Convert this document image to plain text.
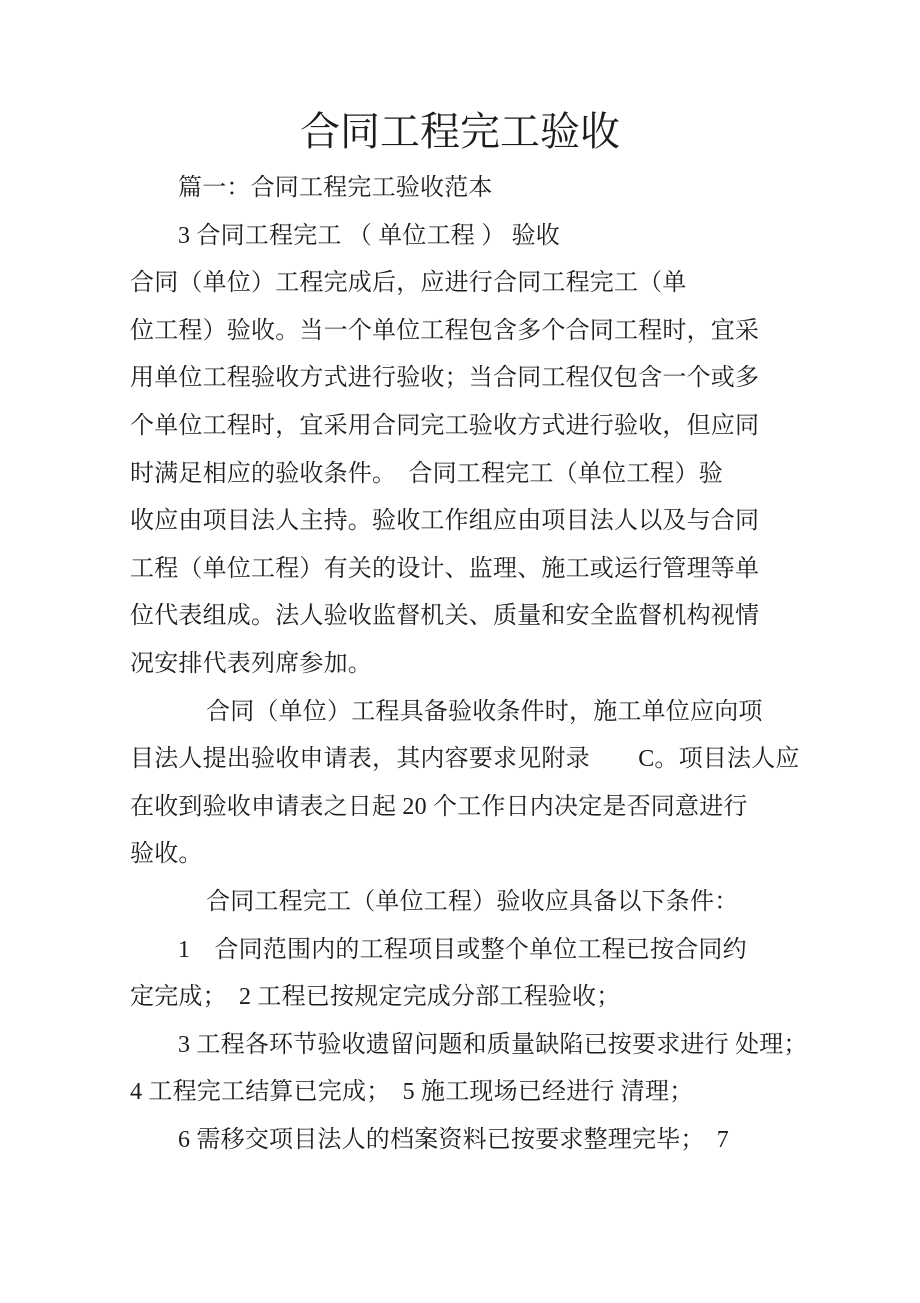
合同工程完工验收
篇一：合同工程完工验收范本
3 合同工程完工 （ 单位工程 ） 验收
合同（单位）工程完成后，应进行合同工程完工（单
位工程）验收。当一个单位工程包含多个合同工程时，宜采
用单位工程验收方式进行验收；当合同工程仅包含一个或多
个单位工程时，宜采用合同完工验收方式进行验收，但应同
时满足相应的验收条件。　合同工程完工（单位工程）验
收应由项目法人主持。验收工作组应由项目法人以及与合同
工程（单位工程）有关的设计、监理、施工或运行管理等单
位代表组成。法人验收监督机关、质量和安全监督机构视情
况安排代表列席参加。
合同（单位）工程具备验收条件时，施工单位应向项
目法人提出验收申请表，其内容要求见附录　　C。项目法人应
在收到验收申请表之日起 20 个工作日内决定是否同意进行
验收。
合同工程完工（单位工程）验收应具备以下条件：
1　合同范围内的工程项目或整个单位工程已按合同约
定完成；　2 工程已按规定完成分部工程验收；
3 工程各环节验收遗留问题和质量缺陷已按要求进行 处理；
4 工程完工结算已完成；　5 施工现场已经进行 清理；
6 需移交项目法人的档案资料已按要求整理完毕；　7
